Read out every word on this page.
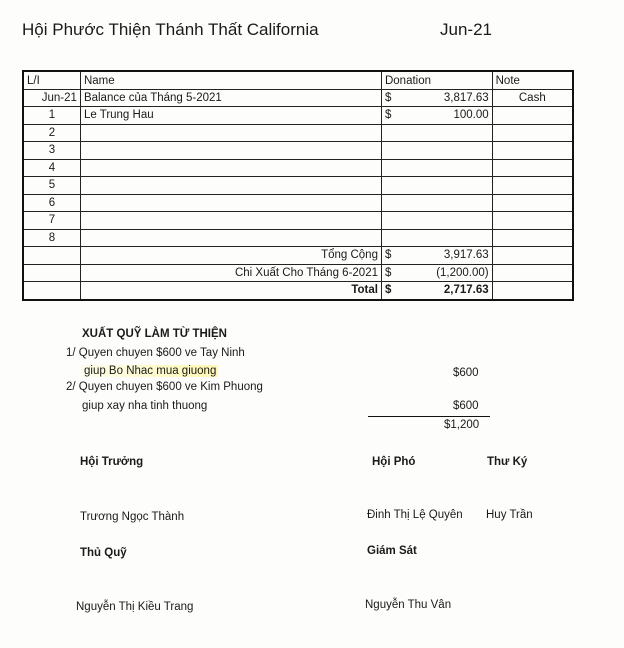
Hội Phước Thiện Thánh Thất California	Jun-21
L/I	Name	Donation		Note
Jun-21	Balance của Tháng 5-2021	$	3,817.63	Cash
1	Le Trung Hau	$	100.00	
2				
3				
4				
5				
6				
7				
8				
	Tổng Cộng	$	3,917.63	
	Chi Xuất Cho Tháng 6-2021	$	(1,200.00)	
	Total	$	2,717.63	
XUẤT QUỸ LÀM TỪ THIỆN
1/ Quyen chuyen $600 ve Tay Ninh
giup Bo Nhac mua giuong	$600
2/ Quyen chuyen $600 ve Kim Phuong
giup xay nha tinh thuong	$600
$1,200
Hội Trưởng	Hội Phó	Thư Ký
Trương Ngọc Thành	Đinh Thị Lệ Quyên Huy Trần
Thủ Quỹ	Giám Sát
Nguyễn Thị Kiều Trang	Nguyễn Thu Vân
